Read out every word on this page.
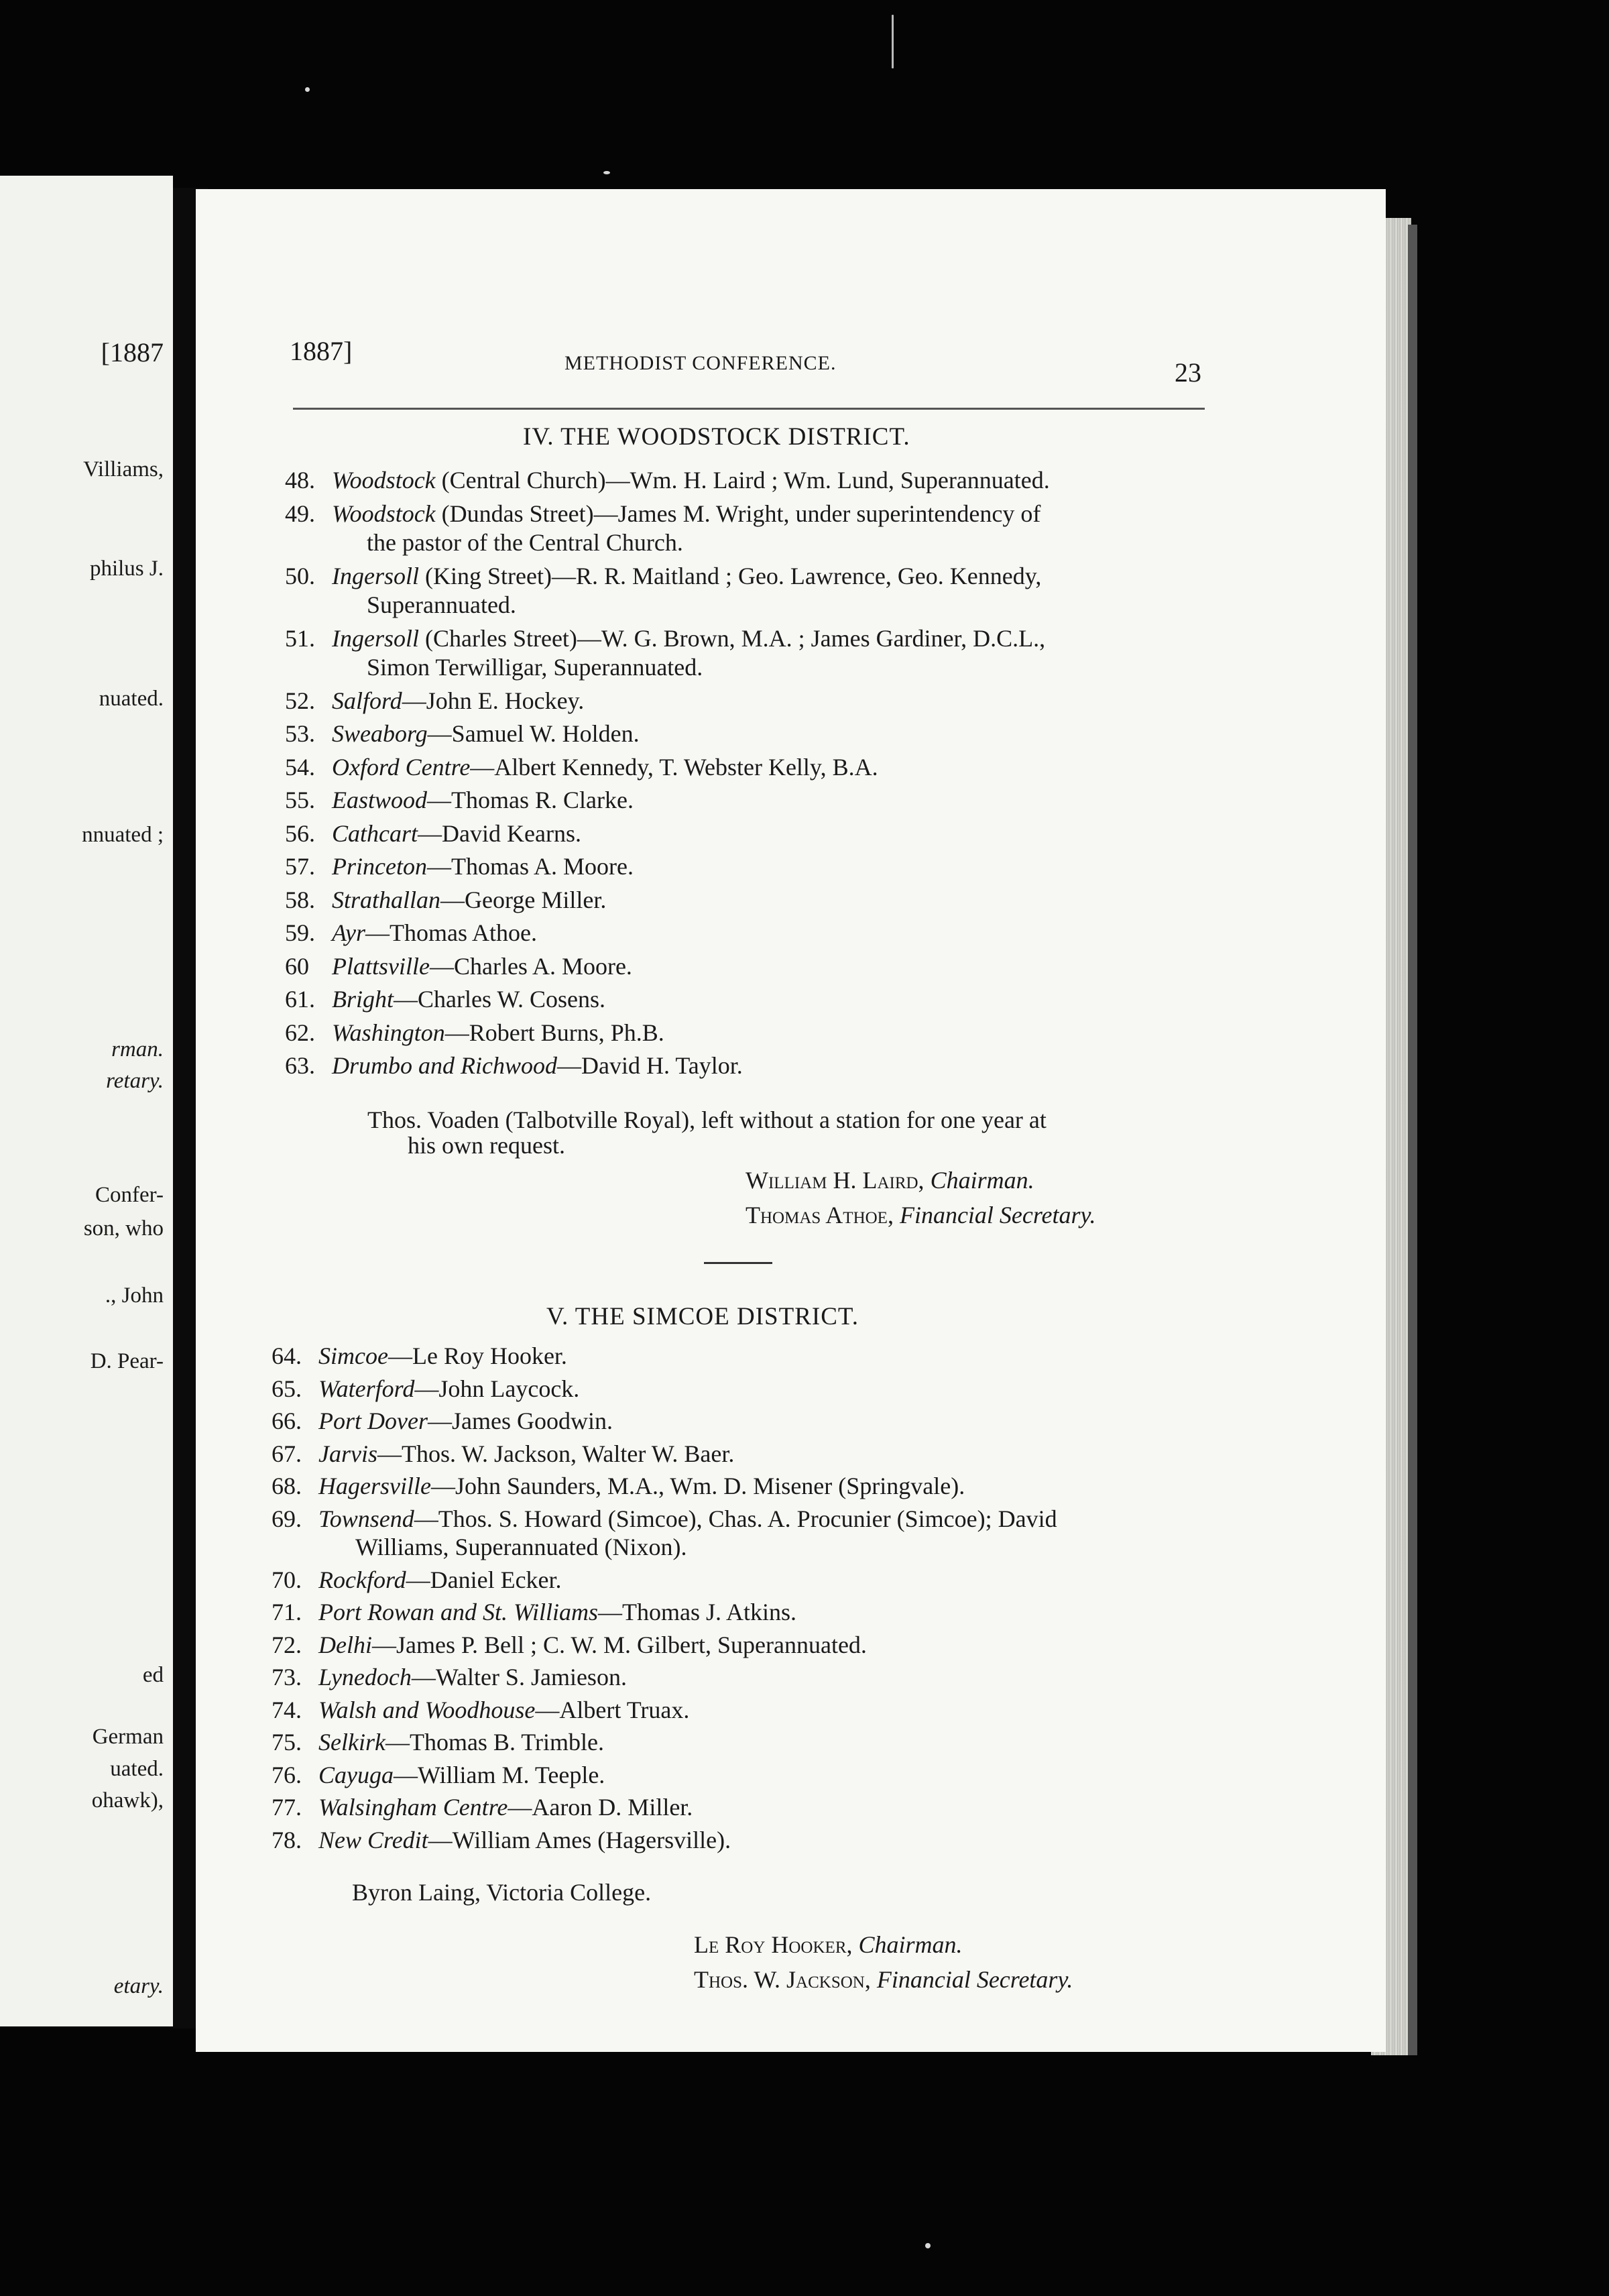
[1887
Villiams,
philus J.
nuated.
nnuated ;
rman.
retary.
Confer-
son, who
., John
D. Pear-
ed
German
uated.
ohawk),
etary.
1887]	METHODIST CONFERENCE.	23
IV. THE WOODSTOCK DISTRICT.
48. Woodstock (Central Church)—Wm. H. Laird ; Wm. Lund, Superannuated.
49. Woodstock (Dundas Street)—James M. Wright, under superintendency of
the pastor of the Central Church.
50. Ingersoll (King Street)—R. R. Maitland ; Geo. Lawrence, Geo. Kennedy,
Superannuated.
51. Ingersoll (Charles Street)—W. G. Brown, M.A. ; James Gardiner, D.C.L.,
Simon Terwilligar, Superannuated.
52. Salford—John E. Hockey.
53. Sweaborg—Samuel W. Holden.
54. Oxford Centre—Albert Kennedy, T. Webster Kelly, B.A.
55. Eastwood—Thomas R. Clarke.
56. Cathcart—David Kearns.
57. Princeton—Thomas A. Moore.
58. Strathallan—George Miller.
59. Ayr—Thomas Athoe.
60 Plattsville—Charles A. Moore.
61. Bright—Charles W. Cosens.
62. Washington—Robert Burns, Ph.B.
63. Drumbo and Richwood—David H. Taylor.
Thos. Voaden (Talbotville Royal), left without a station for one year at
his own request.
William H. Laird, Chairman.
Thomas Athoe, Financial Secretary.
V. THE SIMCOE DISTRICT.
64. Simcoe—Le Roy Hooker.
65. Waterford—John Laycock.
66. Port Dover—James Goodwin.
67. Jarvis—Thos. W. Jackson, Walter W. Baer.
68. Hagersville—John Saunders, M.A., Wm. D. Misener (Springvale).
69. Townsend—Thos. S. Howard (Simcoe), Chas. A. Procunier (Simcoe); David
Williams, Superannuated (Nixon).
70. Rockford—Daniel Ecker.
71. Port Rowan and St. Williams—Thomas J. Atkins.
72. Delhi—James P. Bell ; C. W. M. Gilbert, Superannuated.
73. Lynedoch—Walter S. Jamieson.
74. Walsh and Woodhouse—Albert Truax.
75. Selkirk—Thomas B. Trimble.
76. Cayuga—William M. Teeple.
77. Walsingham Centre—Aaron D. Miller.
78. New Credit—William Ames (Hagersville).
Byron Laing, Victoria College.
Le Roy Hooker, Chairman.
Thos. W. Jackson, Financial Secretary.
